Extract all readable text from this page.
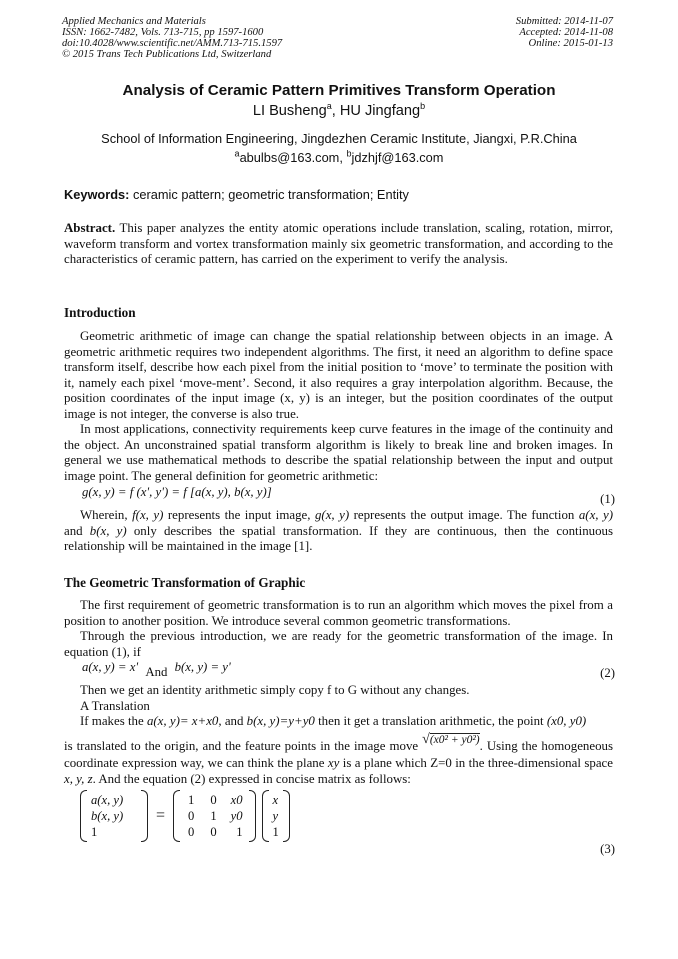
Applied Mechanics and Materials
ISSN: 1662-7482, Vols. 713-715, pp 1597-1600
doi:10.4028/www.scientific.net/AMM.713-715.1597
© 2015 Trans Tech Publications Ltd, Switzerland
Submitted: 2014-11-07
Accepted: 2014-11-08
Online: 2015-01-13
Analysis of Ceramic Pattern Primitives Transform Operation
LI Busheng$^a$, HU Jingfang$^b$
School of Information Engineering, Jingdezhen Ceramic Institute, Jiangxi, P.R.China
$^a$abulbs@163.com, $^b$jdzhjf@163.com
Keywords: ceramic pattern; geometric transformation; Entity

Abstract. This paper analyzes the entity atomic operations include translation, scaling, rotation, mirror, waveform transform and vortex transformation mainly six geometric transformation, and according to the characteristics of ceramic pattern, has carried on the experiment to verify the analysis.

Introduction

Geometric arithmetic of image can change the spatial relationship between objects in an image. A geometric arithmetic requires two independent algorithms. The first, it need an algorithm to define space transform itself, describe how each pixel from the initial position to ‘move’ to terminate the position with it, namely each pixel ‘move-ment’. Second, it also requires a gray interpolation algorithm. Because, the position coordinates of the input image (x, y) is an integer, but the position coordinates of the output image is not integer, the converse is also true.

In most applications, connectivity requirements keep curve features in the image of the continuity and the object. An unconstrained spatial transform algorithm is likely to break line and broken images. In general we use mathematical methods to describe the spatial relationship between the input and output image point. The general definition for geometric arithmetic:

g(x, y) = f (x', y') = f [a(x, y), b(x, y)]	(1)

Wherein, f(x, y) represents the input image, g(x, y) represents the output image. The function a(x, y) and b(x, y) only describes the spatial transformation. If they are continuous, then the continuous relationship will be maintained in the image [1].

The Geometric Transformation of Graphic

The first requirement of geometric transformation is to run an algorithm which moves the pixel from a position to another position. We introduce several common geometric transformations.

Through the previous introduction, we are ready for the geometric transformation of the image. In equation (1), if

a(x, y) = x' And b(x, y) = y'	(2)

Then we get an identity arithmetic simply copy f to G without any changes.

A Translation

If makes the a(x, y)= x+x0, and b(x, y)=y+y0 then it get a translation arithmetic, the point (x0, y0)

is translated to the origin, and the feature points in the image move √(x0² + y0²). Using the homogeneous coordinate expression way, we can think the plane xy is a plane which Z=0 in the three-dimensional space x, y, z. And the equation (2) expressed in concise matrix as follows:

a(x, y)
b(x, y)
1
=
1
0
0
0
1
0
x0
y0
1

x
y
1
(3)
